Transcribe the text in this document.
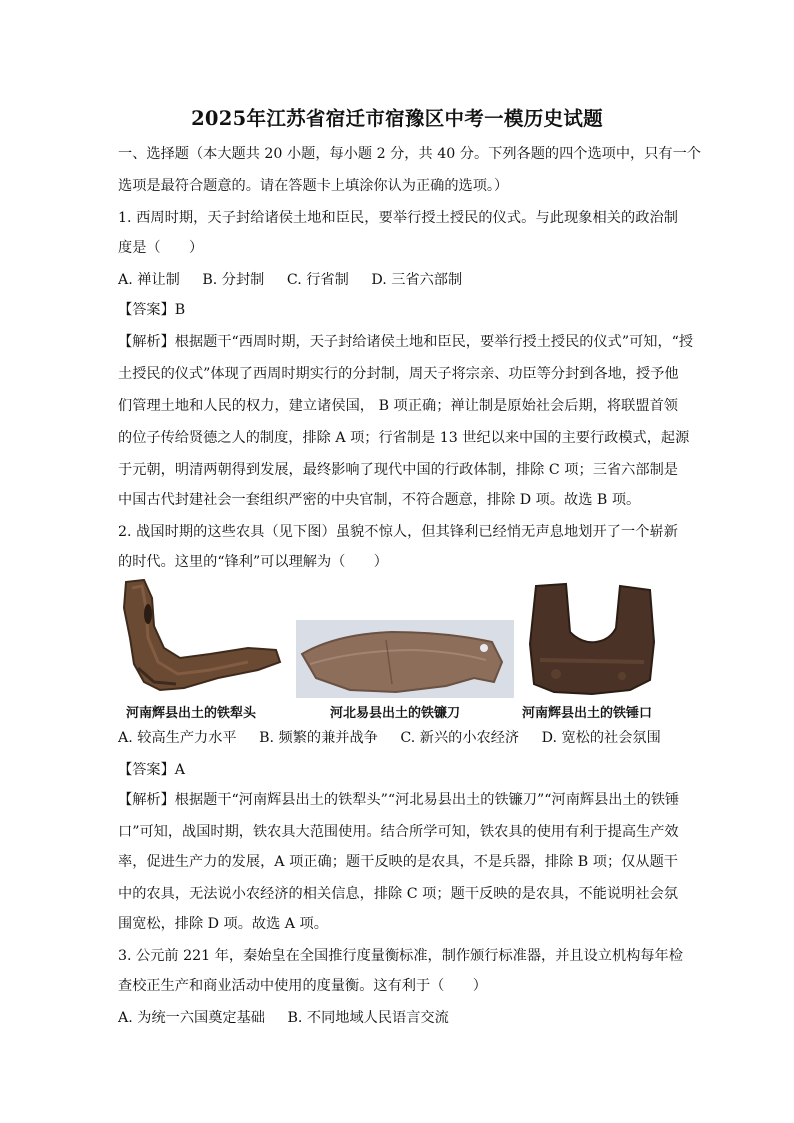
2025年江苏省宿迁市宿豫区中考一模历史试题
一、选择题（本大题共 20 小题，每小题 2 分，共 40 分。下列各题的四个选项中，只有一个
选项是最符合题意的。请在答题卡上填涂你认为正确的选项。）
1. 西周时期，天子封给诸侯土地和臣民，要举行授土授民的仪式。与此现象相关的政治制
度是（　　）
A. 禅让制 B. 分封制 C. 行省制 D. 三省六部制
【答案】B
【解析】根据题干“西周时期，天子封给诸侯土地和臣民，要举行授土授民的仪式”可知，“授
土授民的仪式”体现了西周时期实行的分封制，周天子将宗亲、功臣等分封到各地，授予他
们管理土地和人民的权力，建立诸侯国， B 项正确；禅让制是原始社会后期，将联盟首领
的位子传给贤德之人的制度，排除 A 项；行省制是 13 世纪以来中国的主要行政模式，起源
于元朝，明清两朝得到发展，最终影响了现代中国的行政体制，排除 C 项；三省六部制是
中国古代封建社会一套组织严密的中央官制，不符合题意，排除 D 项。故选 B 项。
2. 战国时期的这些农具（见下图）虽貌不惊人，但其锋利已经悄无声息地划开了一个崭新
的时代。这里的“锋利”可以理解为（　　）
河南辉县出土的铁犁头	河北易县出土的铁镰刀	河南辉县出土的铁锤口
A. 较高生产力水平 B. 频繁的兼并战争 C. 新兴的小农经济 D. 宽松的社会氛围
【答案】A
【解析】根据题干“河南辉县出土的铁犁头”“河北易县出土的铁镰刀”“河南辉县出土的铁锤
口”可知，战国时期，铁农具大范围使用。结合所学可知，铁农具的使用有利于提高生产效
率，促进生产力的发展，A 项正确；题干反映的是农具，不是兵器，排除 B 项；仅从题干
中的农具，无法说小农经济的相关信息，排除 C 项；题干反映的是农具，不能说明社会氛
围宽松，排除 D 项。故选 A 项。
3. 公元前 221 年，秦始皇在全国推行度量衡标准，制作颁行标准器，并且设立机构每年检
查校正生产和商业活动中使用的度量衡。这有利于（　　）
A. 为统一六国奠定基础 B. 不同地域人民语言交流
